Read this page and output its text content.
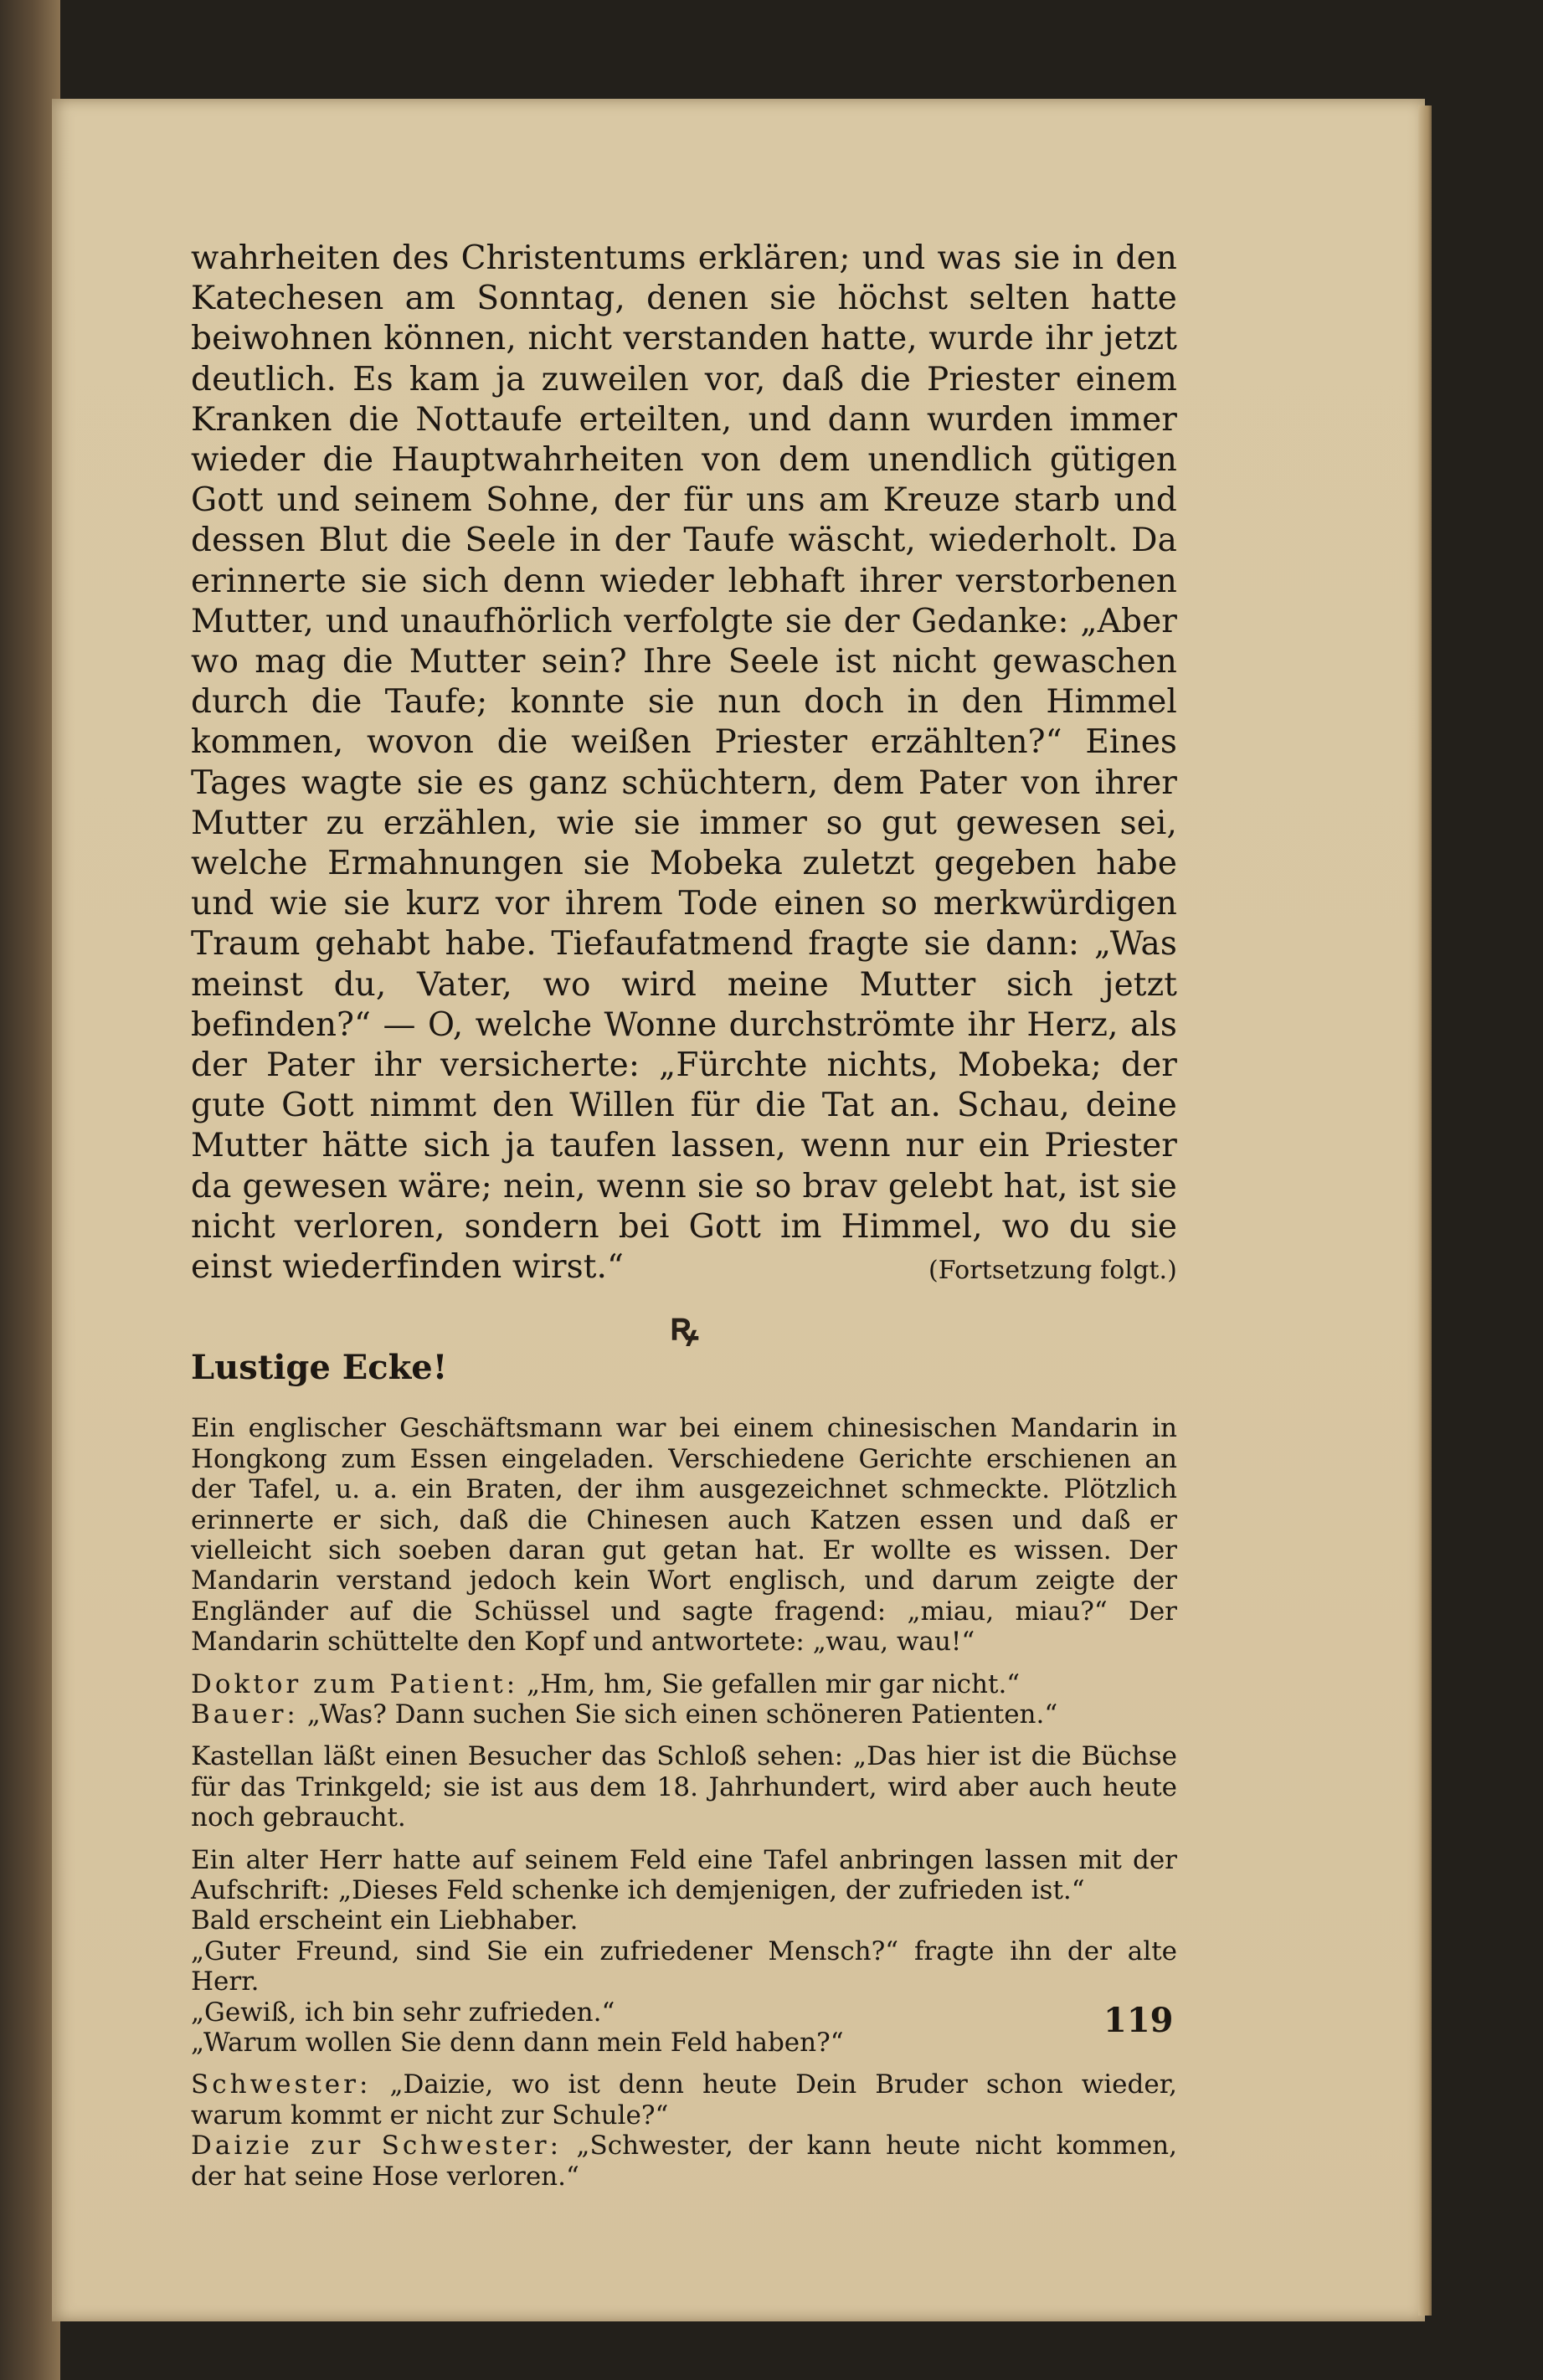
wahrheiten des Christentums erklären; und was sie in den Katechesen am Sonntag, denen sie höchst selten hatte beiwohnen können, nicht verstanden hatte, wurde ihr jetzt deutlich. Es kam ja zuweilen vor, daß die Priester einem Kranken die Nottaufe erteilten, und dann wurden immer wieder die Hauptwahrheiten von dem unendlich gütigen Gott und seinem Sohne, der für uns am Kreuze starb und dessen Blut die Seele in der Taufe wäscht, wiederholt. Da erinnerte sie sich denn wieder lebhaft ihrer verstorbenen Mutter, und unaufhörlich verfolgte sie der Gedanke: „Aber wo mag die Mutter sein? Ihre Seele ist nicht gewaschen durch die Taufe; konnte sie nun doch in den Himmel kommen, wovon die weißen Priester erzählten?“ Eines Tages wagte sie es ganz schüchtern, dem Pater von ihrer Mutter zu erzählen, wie sie immer so gut gewesen sei, welche Ermahnungen sie Mobeka zuletzt gegeben habe und wie sie kurz vor ihrem Tode einen so merkwürdigen Traum gehabt habe. Tiefaufatmend fragte sie dann: „Was meinst du, Vater, wo wird meine Mutter sich jetzt befinden?“ — O, welche Wonne durchströmte ihr Herz, als der Pater ihr versicherte: „Fürchte nichts, Mobeka; der gute Gott nimmt den Willen für die Tat an. Schau, deine Mutter hätte sich ja taufen lassen, wenn nur ein Priester da gewesen wäre; nein, wenn sie so brav gelebt hat, ist sie nicht verloren, sondern bei Gott im Himmel, wo du sie einst wiederfinden wirst.“	(Fortsetzung folgt.)

ꝶ
Lustige Ecke!

Ein englischer Geschäftsmann war bei einem chinesischen Mandarin in Hongkong zum Essen eingeladen. Verschiedene Gerichte erschienen an der Tafel, u. a. ein Braten, der ihm ausgezeichnet schmeckte. Plötzlich erinnerte er sich, daß die Chinesen auch Katzen essen und daß er vielleicht sich soeben daran gut getan hat. Er wollte es wissen. Der Mandarin verstand jedoch kein Wort englisch, und darum zeigte der Engländer auf die Schüssel und sagte fragend: „miau, miau?“ Der Mandarin schüttelte den Kopf und antwortete: „wau, wau!“

Doktor zum Patient: „Hm, hm, Sie gefallen mir gar nicht.“
Bauer: „Was? Dann suchen Sie sich einen schöneren Patienten.“

Kastellan läßt einen Besucher das Schloß sehen: „Das hier ist die Büchse für das Trinkgeld; sie ist aus dem 18. Jahrhundert, wird aber auch heute noch gebraucht.

Ein alter Herr hatte auf seinem Feld eine Tafel anbringen lassen mit der Aufschrift: „Dieses Feld schenke ich demjenigen, der zufrieden ist.“
Bald erscheint ein Liebhaber.
„Guter Freund, sind Sie ein zufriedener Mensch?“ fragte ihn der alte Herr.
„Gewiß, ich bin sehr zufrieden.“
„Warum wollen Sie denn dann mein Feld haben?“

Schwester: „Daizie, wo ist denn heute Dein Bruder schon wieder, warum kommt er nicht zur Schule?“
Daizie zur Schwester: „Schwester, der kann heute nicht kommen, der hat seine Hose verloren.“

119
